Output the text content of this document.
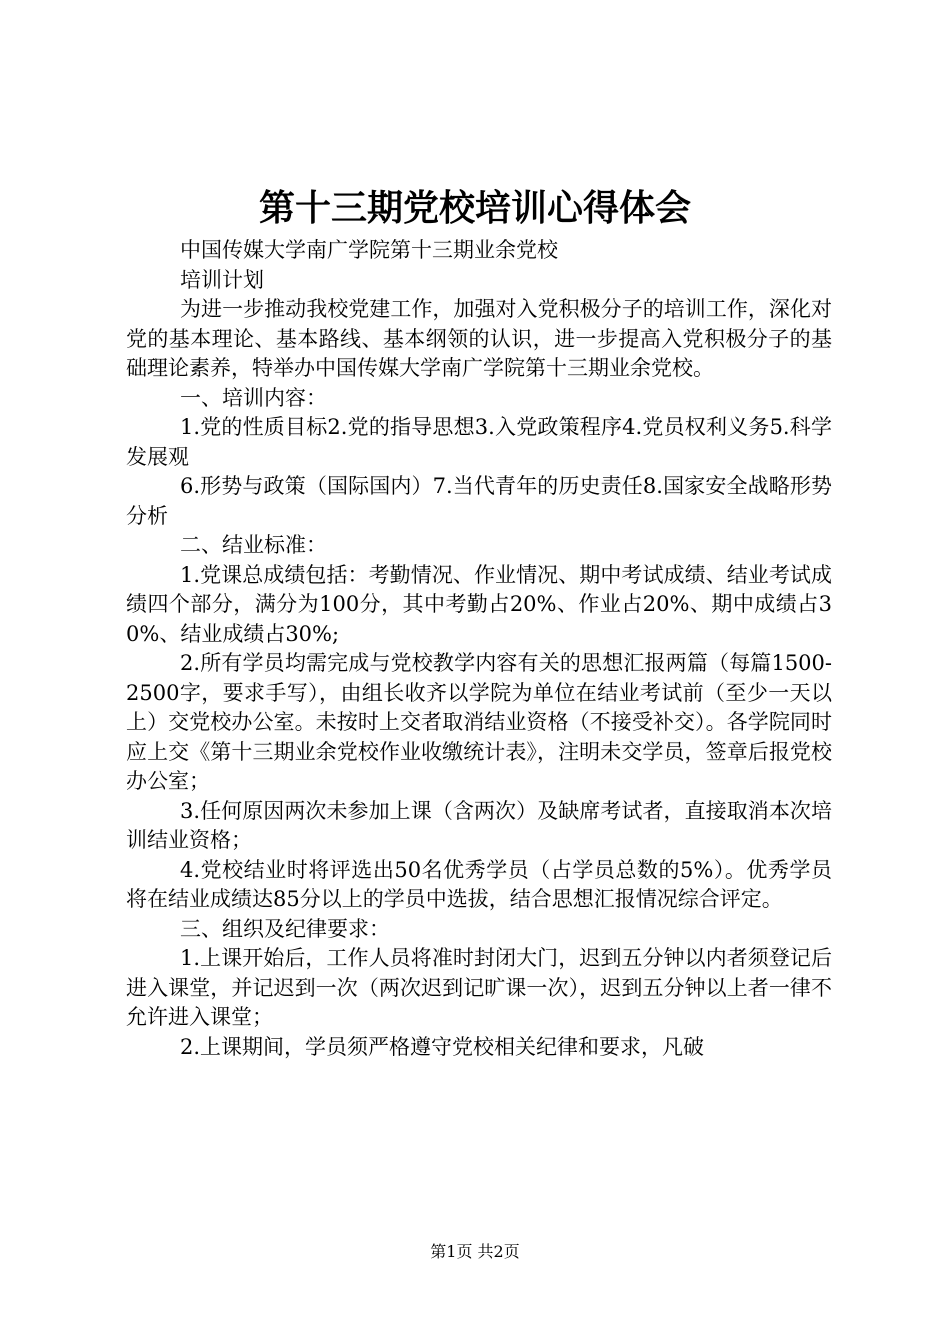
第十三期党校培训心得体会

中国传媒大学南广学院第十三期业余党校

培训计划

为进一步推动我校党建工作，加强对入党积极分子的培训工作，深化对党的基本理论、基本路线、基本纲领的认识，进一步提高入党积极分子的基础理论素养，特举办中国传媒大学南广学院第十三期业余党校。

一、培训内容：

1.党的性质目标2.党的指导思想3.入党政策程序4.党员权利义务5.科学发展观

6.形势与政策（国际国内）7.当代青年的历史责任8.国家安全战略形势分析

二、结业标准：

1.党课总成绩包括：考勤情况、作业情况、期中考试成绩、结业考试成绩四个部分，满分为100分，其中考勤占20%、作业占20%、期中成绩占30%、结业成绩占30%;

2.所有学员均需完成与党校教学内容有关的思想汇报两篇（每篇1500-2500字，要求手写），由组长收齐以学院为单位在结业考试前（至少一天以上）交党校办公室。未按时上交者取消结业资格（不接受补交）。各学院同时应上交《第十三期业余党校作业收缴统计表》，注明未交学员，签章后报党校办公室；

3.任何原因两次未参加上课（含两次）及缺席考试者，直接取消本次培训结业资格；

4.党校结业时将评选出50名优秀学员（占学员总数的5%）。优秀学员将在结业成绩达85分以上的学员中选拔，结合思想汇报情况综合评定。

三、组织及纪律要求：

1.上课开始后，工作人员将准时封闭大门，迟到五分钟以内者须登记后进入课堂，并记迟到一次（两次迟到记旷课一次），迟到五分钟以上者一律不允许进入课堂；

2.上课期间，学员须严格遵守党校相关纪律和要求，凡破

第1页 共2页
